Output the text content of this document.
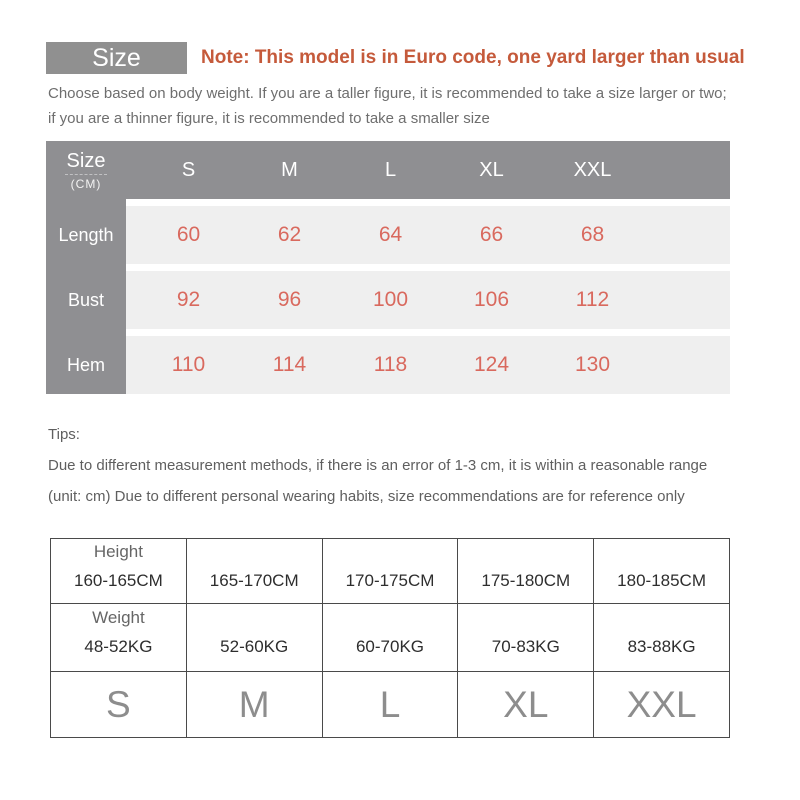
Size	Note: This model is in Euro code, one yard larger than usual
Choose based on body weight. If you are a taller figure, it is recommended to take a size larger or two;
if you are a thinner figure, it is recommended to take a smaller size
Size
(CM)
S	M	L	XL	XXL
Length	60	62	64	66	68
Bust	92	96	100	106	112
Hem	110	114	118	124	130
Tips:
Due to different measurement methods, if there is an error of 1-3 cm, it is within a reasonable range
(unit: cm) Due to different personal wearing habits, size recommendations are for reference only
Height
160-165CM	165-170CM	170-175CM	175-180CM	180-185CM

Weight
48-52KG	52-60KG	60-70KG	70-83KG	83-88KG
S	M	L	XL	XXL
